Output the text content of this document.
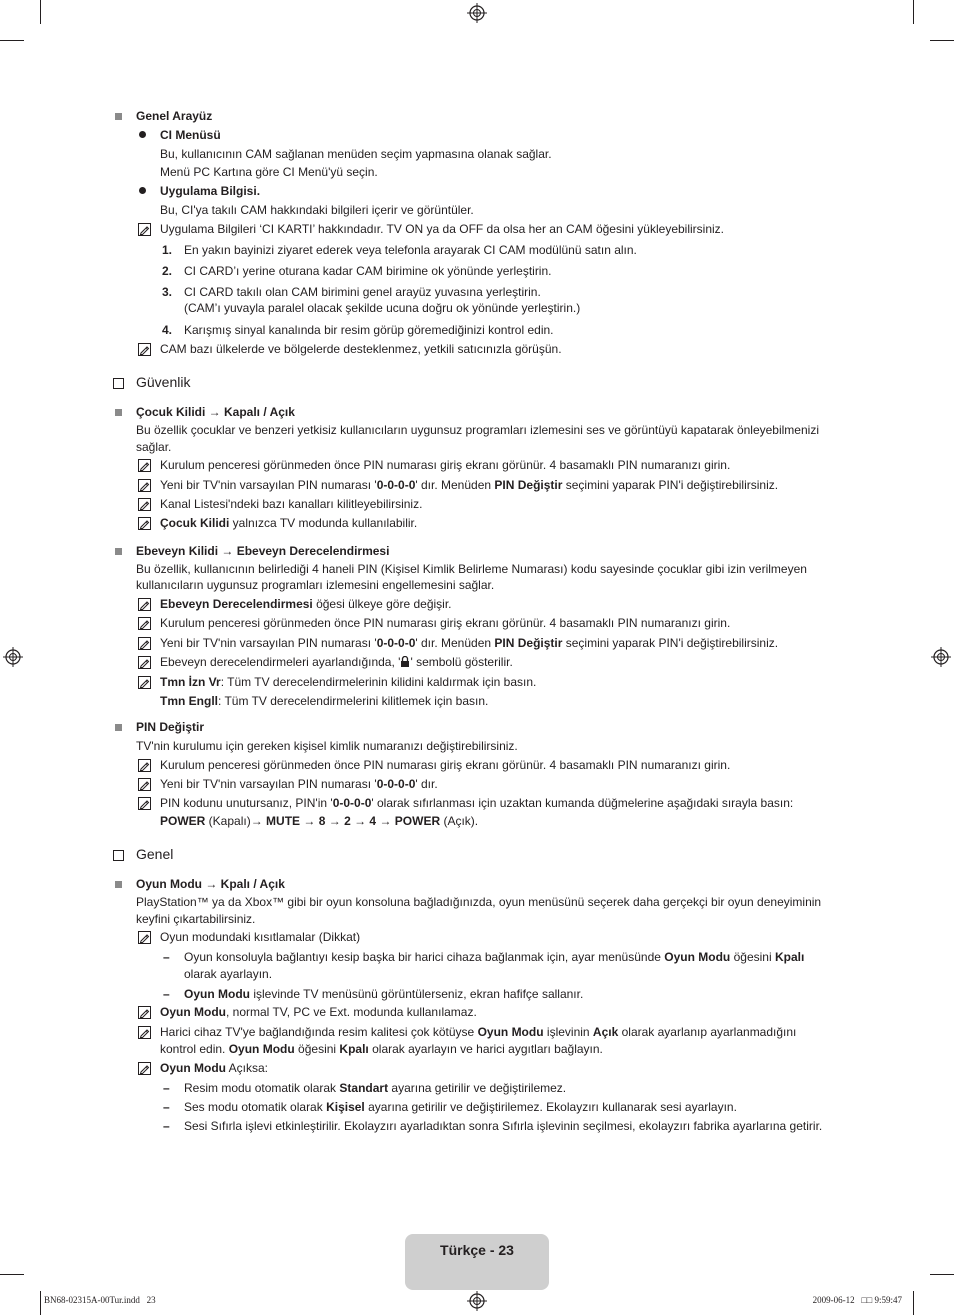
Genel Arayüz
CI Menüsü
Bu, kullanıcının CAM sağlanan menüden seçim yapmasına olanak sağlar.
Menü PC Kartına göre CI Menü'yü seçin.
Uygulama Bilgisi.
Bu, CI'ya takılı CAM hakkındaki bilgileri içerir ve görüntüler.
Uygulama Bilgileri ‘CI KARTI’ hakkındadır. TV ON ya da OFF da olsa her an CAM öğesini yükleyebilirsiniz.
1. En yakın bayinizi ziyaret ederek veya telefonla arayarak CI CAM modülünü satın alın.
2. CI CARD’ı yerine oturana kadar CAM birimine ok yönünde yerleştirin.
3. CI CARD takılı olan CAM birimini genel arayüz yuvasına yerleştirin.
(CAM’ı yuvayla paralel olacak şekilde ucuna doğru ok yönünde yerleştirin.)
4. Karışmış sinyal kanalında bir resim görüp göremediğinizi kontrol edin.
CAM bazı ülkelerde ve bölgelerde desteklenmez, yetkili satıcınızla görüşün.
Güvenlik
Çocuk Kilidi → Kapalı / Açık
Bu özellik çocuklar ve benzeri yetkisiz kullanıcıların uygunsuz programları izlemesini ses ve görüntüyü kapatarak önleyebilmenizi
sağlar.
Kurulum penceresi görünmeden önce PIN numarası giriş ekranı görünür. 4 basamaklı PIN numaranızı girin.
Yeni bir TV'nin varsayılan PIN numarası '0-0-0-0' dır. Menüden PIN Değiştir seçimini yaparak PIN'i değiştirebilirsiniz.
Kanal Listesi'ndeki bazı kanalları kilitleyebilirsiniz.
Çocuk Kilidi yalnızca TV modunda kullanılabilir.
Ebeveyn Kilidi → Ebeveyn Derecelendirmesi
Bu özellik, kullanıcının belirlediği 4 haneli PIN (Kişisel Kimlik Belirleme Numarası) kodu sayesinde çocuklar gibi izin verilmeyen
kullanıcıların uygunsuz programları izlemesini engellemesini sağlar.
Ebeveyn Derecelendirmesi öğesi ülkeye göre değişir.
Kurulum penceresi görünmeden önce PIN numarası giriş ekranı görünür. 4 basamaklı PIN numaranızı girin.
Yeni bir TV'nin varsayılan PIN numarası '0-0-0-0' dır. Menüden PIN Değiştir seçimini yaparak PIN'i değiştirebilirsiniz.
Ebeveyn derecelendirmeleri ayarlandığında, ' ' sembolü gösterilir.
Tmn İzn Vr: Tüm TV derecelendirmelerinin kilidini kaldırmak için basın.
Tmn Engll: Tüm TV derecelendirmelerini kilitlemek için basın.
PIN Değiştir
TV'nin kurulumu için gereken kişisel kimlik numaranızı değiştirebilirsiniz.
Kurulum penceresi görünmeden önce PIN numarası giriş ekranı görünür. 4 basamaklı PIN numaranızı girin.
Yeni bir TV'nin varsayılan PIN numarası '0-0-0-0' dır.
PIN kodunu unutursanız, PIN'in '0-0-0-0' olarak sıfırlanması için uzaktan kumanda düğmelerine aşağıdaki sırayla basın:
POWER (Kapalı)→ MUTE → 8 → 2 → 4 → POWER (Açık).
Genel
Oyun Modu → Kpalı / Açık
PlayStation™ ya da Xbox™ gibi bir oyun konsoluna bağladığınızda, oyun menüsünü seçerek daha gerçekçi bir oyun deneyiminin
keyfini çıkartabilirsiniz.
Oyun modundaki kısıtlamalar (Dikkat)
– Oyun konsoluyla bağlantıyı kesip başka bir harici cihaza bağlanmak için, ayar menüsünde Oyun Modu öğesini Kpalı
olarak ayarlayın.
– Oyun Modu işlevinde TV menüsünü görüntülerseniz, ekran hafifçe sallanır.
Oyun Modu, normal TV, PC ve Ext. modunda kullanılamaz.
Harici cihaz TV'ye bağlandığında resim kalitesi çok kötüyse Oyun Modu işlevinin Açık olarak ayarlanıp ayarlanmadığını
kontrol edin. Oyun Modu öğesini Kpalı olarak ayarlayın ve harici aygıtları bağlayın.
Oyun Modu Açıksa:
– Resim modu otomatik olarak Standart ayarına getirilir ve değiştirilemez.
– Ses modu otomatik olarak Kişisel ayarına getirilir ve değiştirilemez. Ekolayzırı kullanarak sesi ayarlayın.
– Sesi Sıfırla işlevi etkinleştirilir. Ekolayzırı ayarladıktan sonra Sıfırla işlevinin seçilmesi, ekolayzırı fabrika ayarlarına getirir.
Türkçe - 23
BN68-02315A-00Tur.indd   23	2009-06-12   □□ 9:59:47
